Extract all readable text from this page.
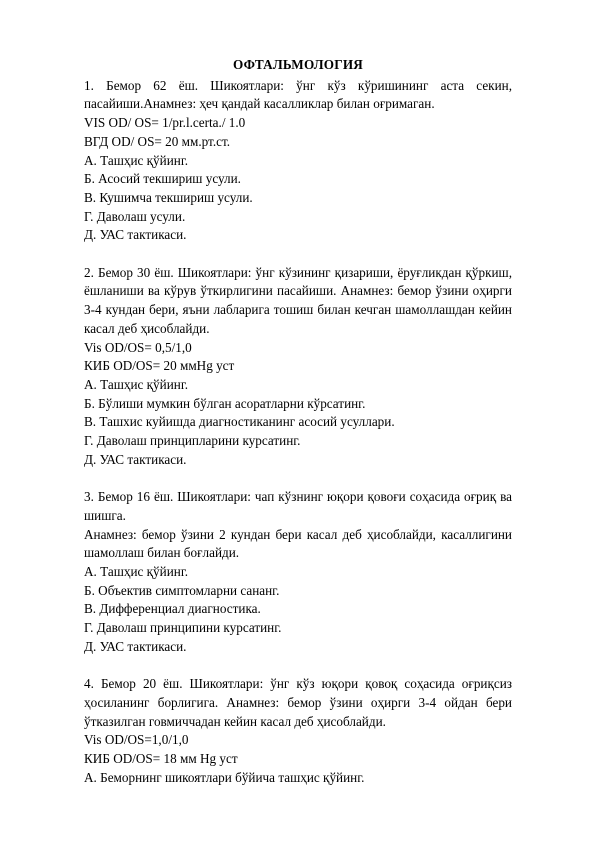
ОФТАЛЬМОЛОГИЯ

1. Бемор 62 ёш. Шикоятлари: ўнг кўз кўришининг аста секин, пасайиши.Анамнез: ҳеч қандай касалликлар билан оғримаган.

VIS OD/ OS= 1/pr.l.certa./ 1.0

ВГД OD/ OS= 20 мм.рт.ст.

А. Ташҳис қўйинг.

Б. Асосий текшириш усули.

В. Кушимча текшириш усули.

Г. Даволаш усули.

Д. УАС тактикаси.

2. Бемор 30 ёш. Шикоятлари: ўнг кўзининг қизариши, ёруғликдан қўркиш, ёшланиши ва кўрув ўткирлигини пасайиши. Анамнез: бемор ўзини оҳирги 3-4 кундан бери, яъни лабларига тошиш билан кечган шамоллашдан кейин касал деб ҳисоблайди.

Vis OD/OS= 0,5/1,0

КИБ OD/OS= 20 ммHg уст

А. Ташҳис қўйинг.

Б. Бўлиши мумкин бўлган асоратларни кўрсатинг.

В. Ташхис куйишда диагностиканинг асосий усуллари.

Г. Даволаш принципларини курсатинг.

Д. УАС тактикаси.

3. Бемор 16 ёш. Шикоятлари: чап кўзнинг юқори қовоғи соҳасида оғриқ ва шишга.

Анамнез: бемор ўзини 2 кундан бери касал деб ҳисоблайди, касаллигини шамоллаш билан боғлайди.

А. Ташҳис қўйинг.

Б. Объектив симптомларни сананг.

В. Дифференциал диагностика.

Г. Даволаш принципини курсатинг.

Д. УАС тактикаси.

4. Бемор 20 ёш. Шикоятлари: ўнг кўз юқори қовоқ соҳасида оғриқсиз ҳосиланинг борлигига. Анамнез: бемор ўзини оҳирги 3-4 ойдан бери ўтказилган говмиччадан кейин касал деб ҳисоблайди.

Vis OD/OS=1,0/1,0

КИБ OD/OS= 18 мм Hg уст

А. Беморнинг шикоятлари бўйича ташҳис қўйинг.
